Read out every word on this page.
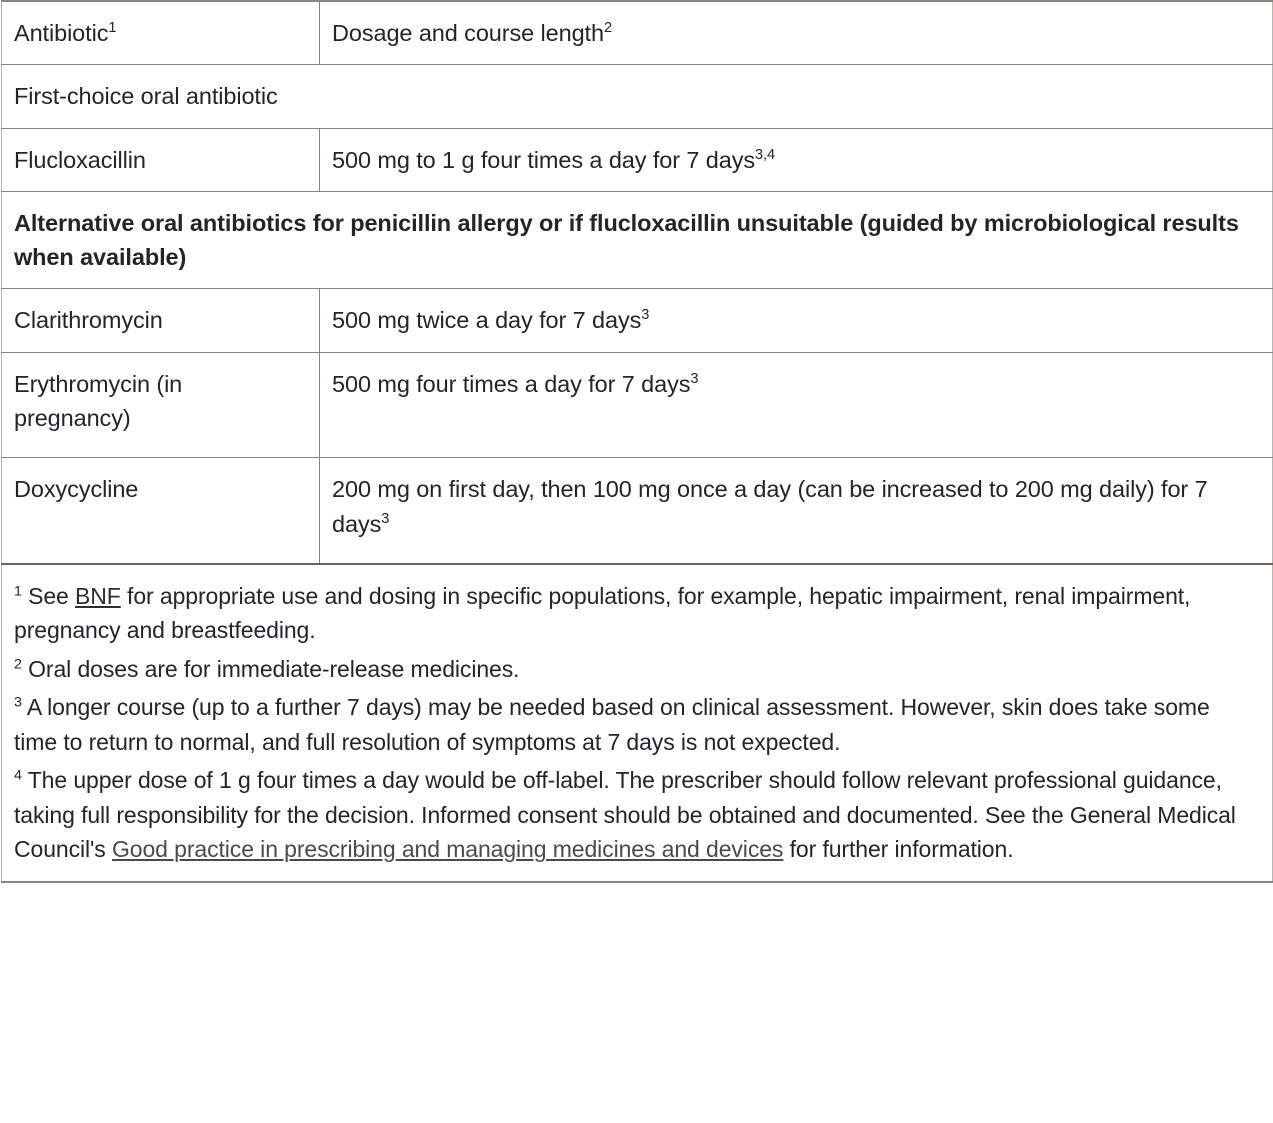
Antibiotic$^1$	Dosage and course length$^2$
First-choice oral antibiotic	
Flucloxacillin	500 mg to 1 g four times a day for 7 days$^{3,4}$
Alternative oral antibiotics for penicillin allergy or if flucloxacillin unsuitable (guided by microbiological results when available)	
Clarithromycin	500 mg twice a day for 7 days$^3$
Erythromycin (in pregnancy)	500 mg four times a day for 7 days$^3$
Doxycycline	200 mg on first day, then 100 mg once a day (can be increased to 200 mg daily) for 7 days$^3$

$^1$ See BNF for appropriate use and dosing in specific populations, for example, hepatic impairment, renal impairment, pregnancy and breastfeeding.

$^2$ Oral doses are for immediate-release medicines.

$^3$ A longer course (up to a further 7 days) may be needed based on clinical assessment. However, skin does take some time to return to normal, and full resolution of symptoms at 7 days is not expected.

$^4$ The upper dose of 1 g four times a day would be off-label. The prescriber should follow relevant professional guidance, taking full responsibility for the decision. Informed consent should be obtained and documented. See the General Medical Council's Good practice in prescribing and managing medicines and devices for further information.	
